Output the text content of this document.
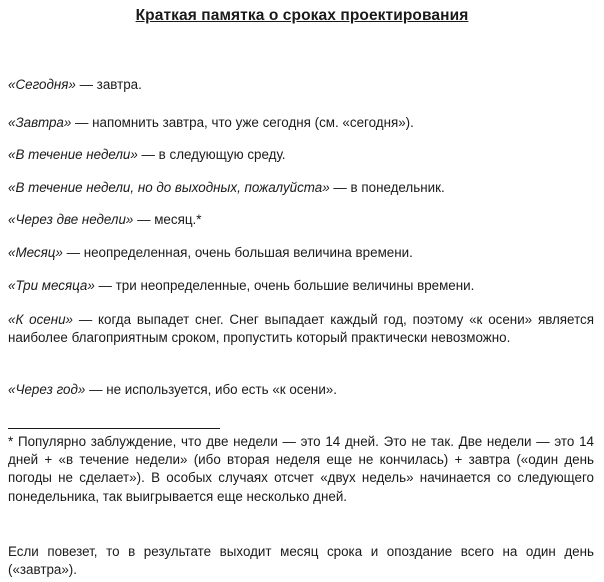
Краткая памятка о сроках проектирования
«Сегодня» — завтра.
«Завтра» — напомнить завтра, что уже сегодня (см. «сегодня»).
«В течение недели» — в следующую среду.
«В течение недели, но до выходных, пожалуйста» — в понедельник.
«Через две недели» — месяц.*
«Месяц» — неопределенная, очень большая величина времени.
«Три месяца» — три неопределенные, очень большие величины времени.
«К осени» — когда выпадет снег. Снег выпадает каждый год, поэтому «к осени» является наиболее благоприятным сроком, пропустить который практически невозможно.
«Через год» — не используется, ибо есть «к осени».
* Популярно заблуждение, что две недели — это 14 дней. Это не так. Две недели — это 14 дней + «в течение недели» (ибо вторая неделя еще не кончилась) + завтра («один день погоды не сделает»). В особых случаях отсчет «двух недель» начинается со следующего понедельника, так выигрывается еще несколько дней.
Если повезет, то в результате выходит месяц срока и опоздание всего на один день («завтра»).
